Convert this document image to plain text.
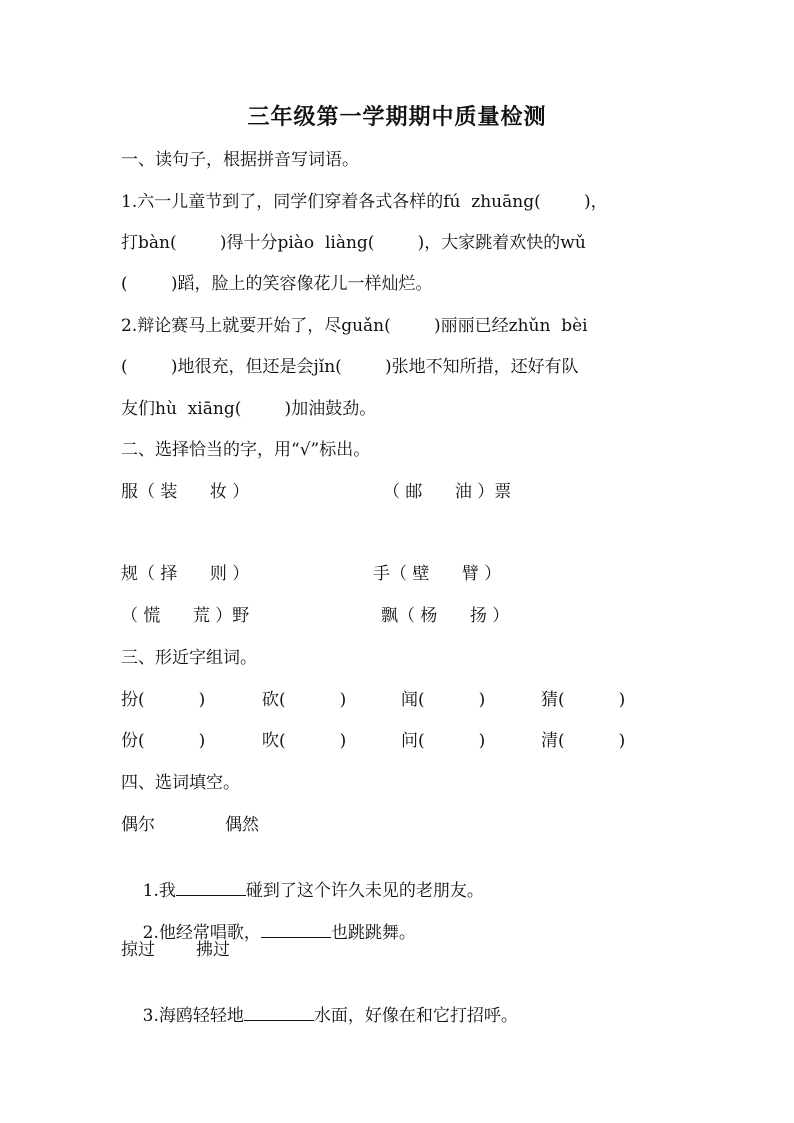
三年级第一学期期中质量检测
一、读句子，根据拼音写词语。
1.六一儿童节到了，同学们穿着各式各样的fú  zhuāng(        )，
打bàn(        )得十分piào  liàng(        )，大家跳着欢快的wǔ
(        )蹈，脸上的笑容像花儿一样灿烂。
2.辩论赛马上就要开始了，尽guǎn(        )丽丽已经zhǔn  bèi
(        )地很充，但还是会jǐn(        )张地不知所措，还好有队
友们hù  xiāng(        )加油鼓劲。
二、选择恰当的字，用“√”标出。
服（ 装      妆 ）	（ 邮      油 ）票
规（ 择      则 ）	手（ 壁      臂 ）
（ 慌      荒 ）野	飘（ 杨      扬 ）
三、形近字组词。
扮(          )	砍(          )	闻(          )	猜(          )
份(          )	吹(          )	问(          )	清(          )
四、选词填空。
偶尔	偶然

1.我	碰到了这个许久未见的老朋友。

2.他经常唱歌，	也跳跳舞。

掠过 拂过

3.海鸥轻轻地	水面，好像在和它打招呼。
